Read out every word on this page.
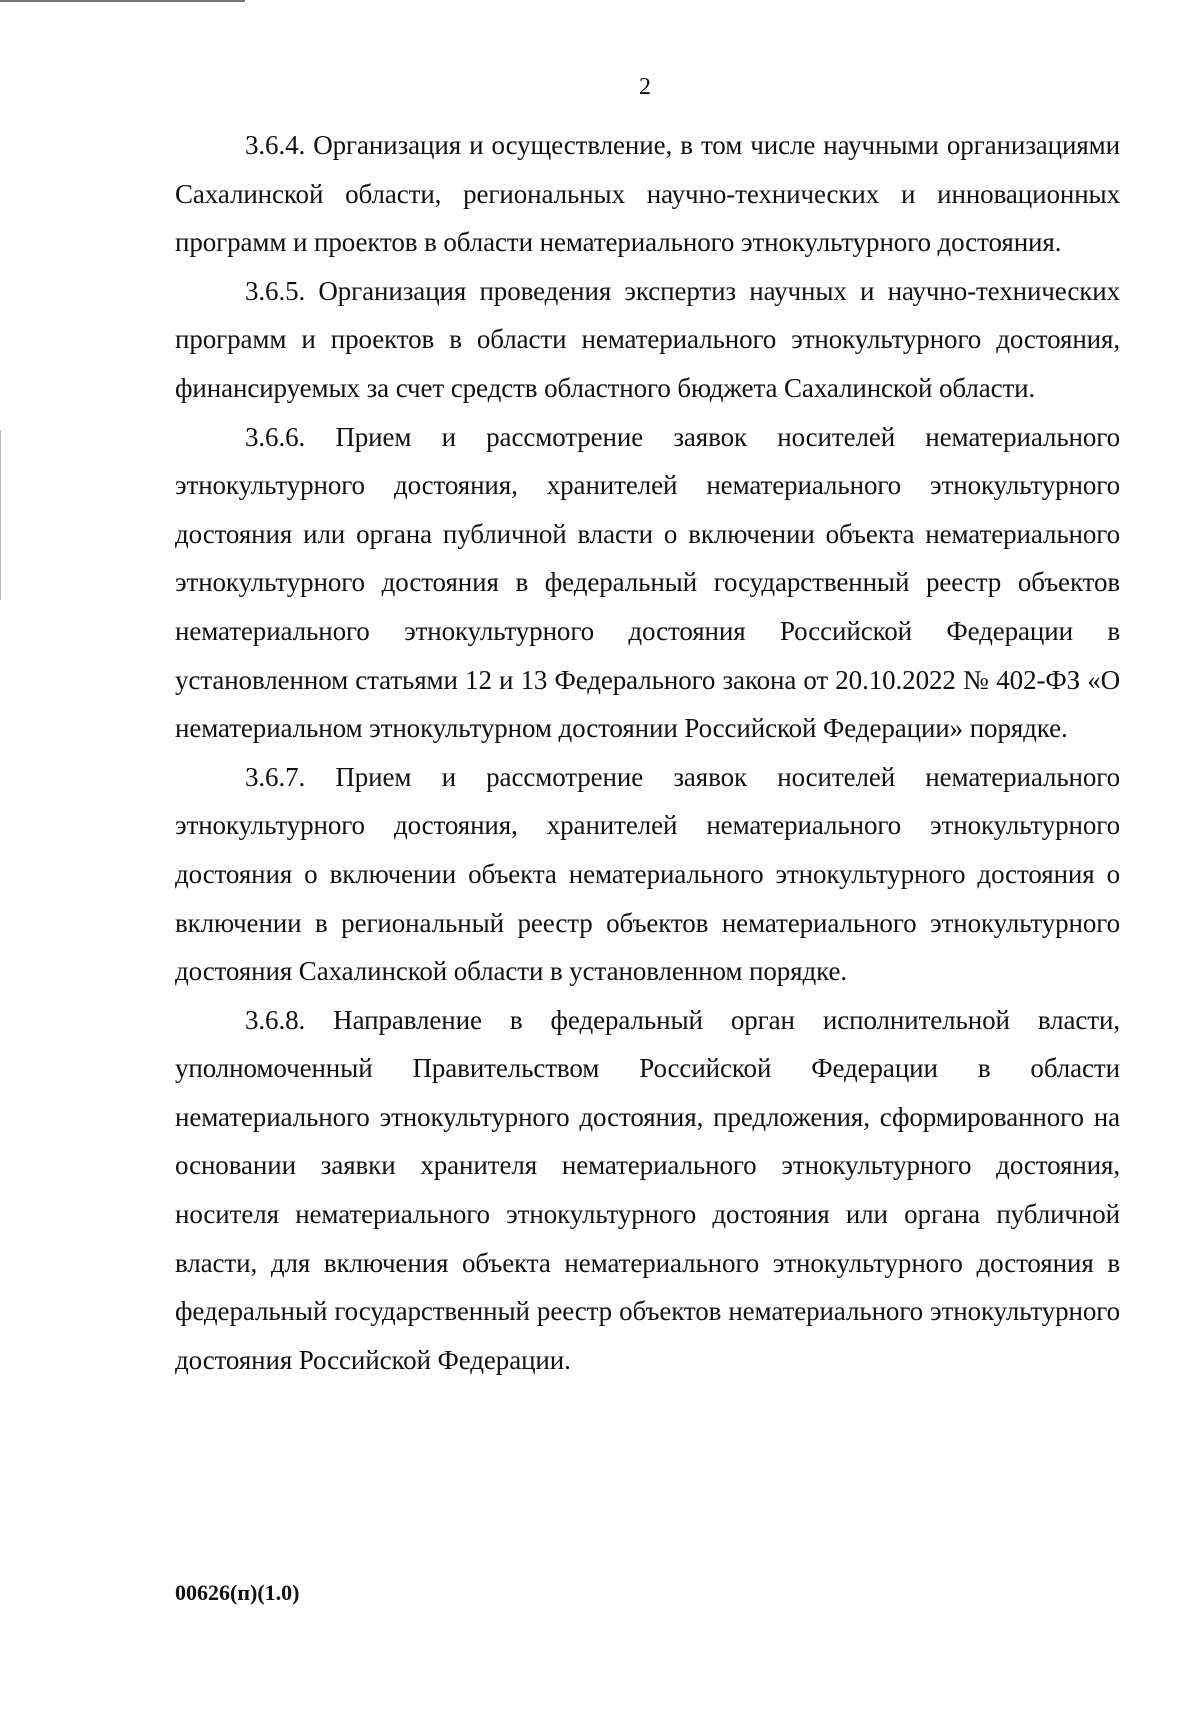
2

3.6.4. Организация и осуществление, в том числе научными организациями Сахалинской области, региональных научно-технических и инновационных программ и проектов в области нематериального этнокультурного достояния.

3.6.5. Организация проведения экспертиз научных и научно-технических программ и проектов в области нематериального этнокультурного достояния, финансируемых за счет средств областного бюджета Сахалинской области.

3.6.6. Прием и рассмотрение заявок носителей нематериального этнокультурного достояния, хранителей нематериального этнокультурного достояния или органа публичной власти о включении объекта нематериального этнокультурного достояния в федеральный государственный реестр объектов нематериального этнокультурного достояния Российской Федерации в установленном статьями 12 и 13 Федерального закона от 20.10.2022 № 402-ФЗ «О нематериальном этнокультурном достоянии Российской Федерации» порядке.

3.6.7. Прием и рассмотрение заявок носителей нематериального этнокультурного достояния, хранителей нематериального этнокультурного достояния о включении объекта нематериального этнокультурного достояния о включении в региональный реестр объектов нематериального этнокультурного достояния Сахалинской области в установленном порядке.

3.6.8. Направление в федеральный орган исполнительной власти, уполномоченный Правительством Российской Федерации в области нематериального этнокультурного достояния, предложения, сформированного на основании заявки хранителя нематериального этнокультурного достояния, носителя нематериального этнокультурного достояния или органа публичной власти, для включения объекта нематериального этнокультурного достояния в федеральный государственный реестр объектов нематериального этнокультурного достояния Российской Федерации.

00626(п)(1.0)
